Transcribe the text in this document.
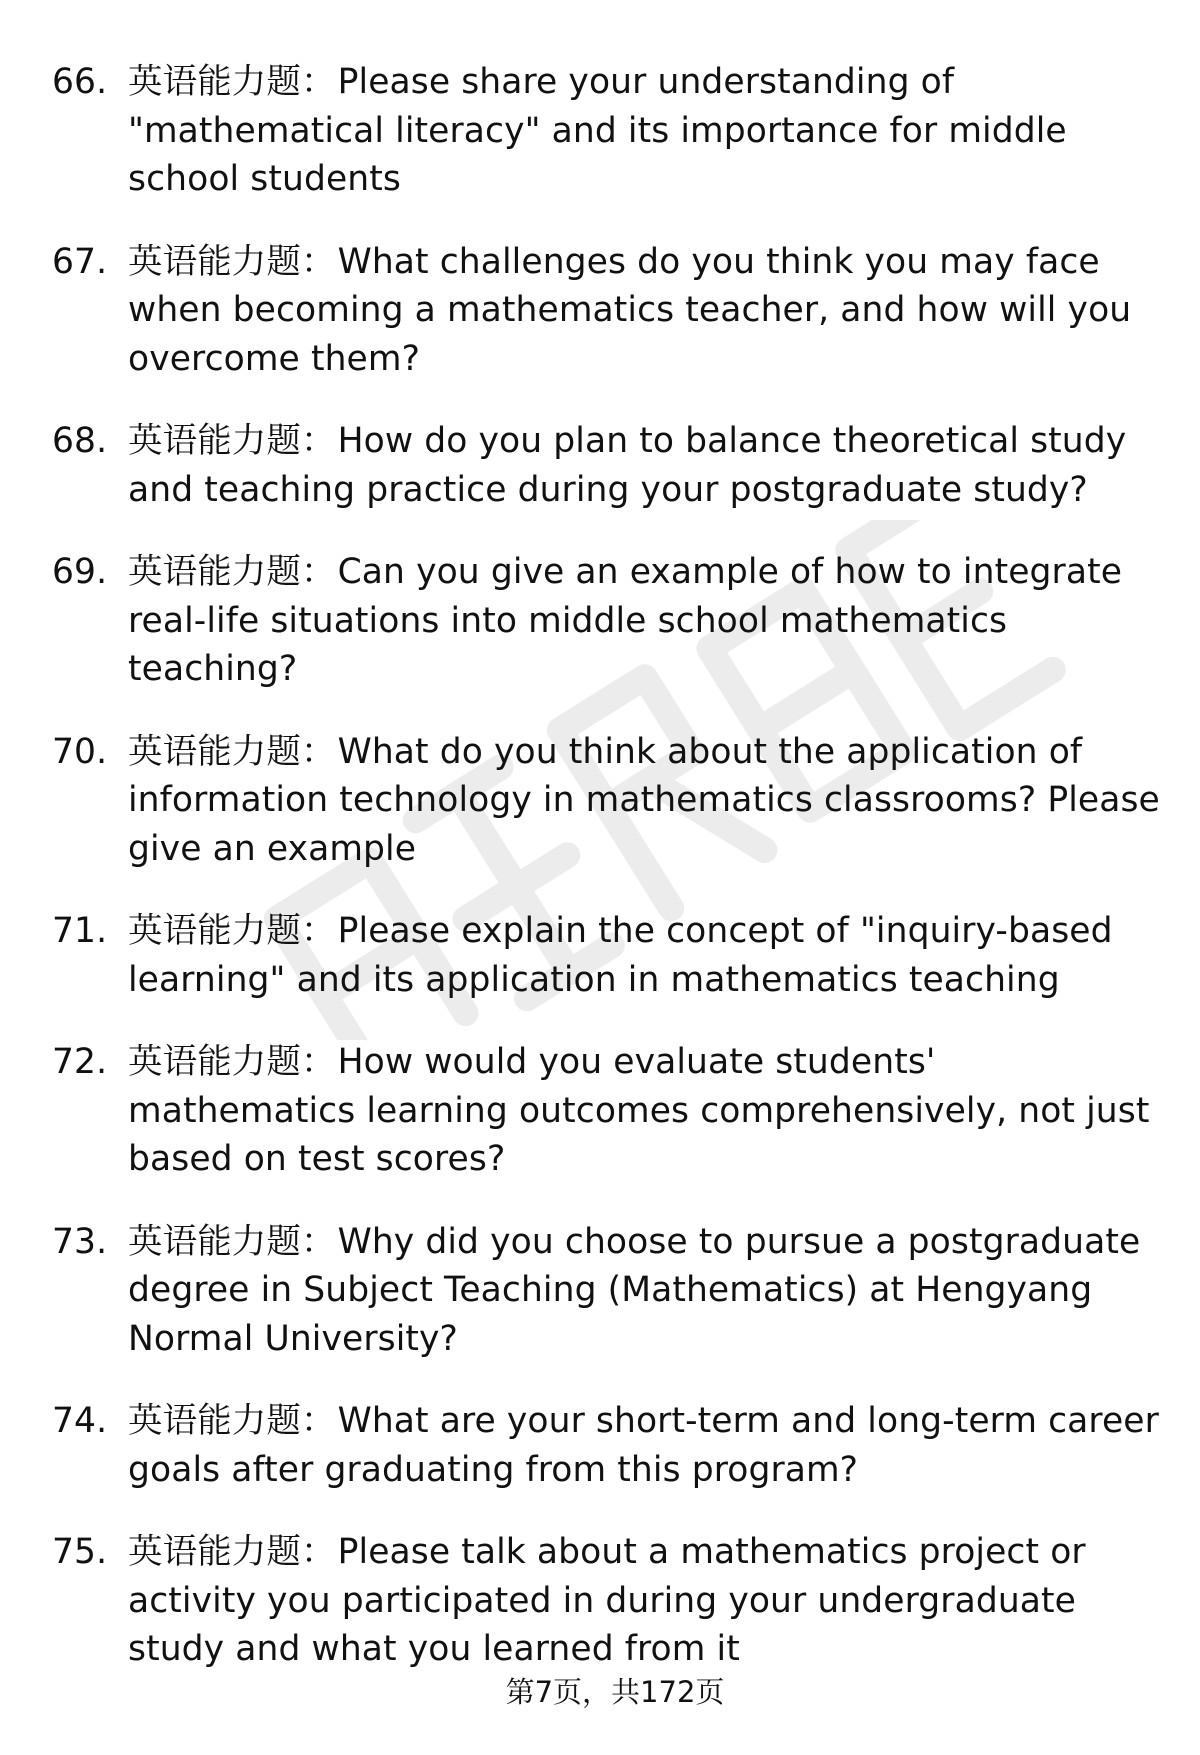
66. 英语能力题：Please share your understanding of "mathematical literacy" and its importance for middle school students
67. 英语能力题：What challenges do you think you may face when becoming a mathematics teacher, and how will you overcome them?
68. 英语能力题：How do you plan to balance theoretical study and teaching practice during your postgraduate study?
69. 英语能力题：Can you give an example of how to integrate real-life situations into middle school mathematics teaching?
70. 英语能力题：What do you think about the application of information technology in mathematics classrooms? Please give an example
71. 英语能力题：Please explain the concept of "inquiry-based learning" and its application in mathematics teaching
72. 英语能力题：How would you evaluate students' mathematics learning outcomes comprehensively, not just based on test scores?
73. 英语能力题：Why did you choose to pursue a postgraduate degree in Subject Teaching (Mathematics) at Hengyang Normal University?
74. 英语能力题：What are your short-term and long-term career goals after graduating from this program?
75. 英语能力题：Please talk about a mathematics project or activity you participated in during your undergraduate study and what you learned from it
第7页，共172页
